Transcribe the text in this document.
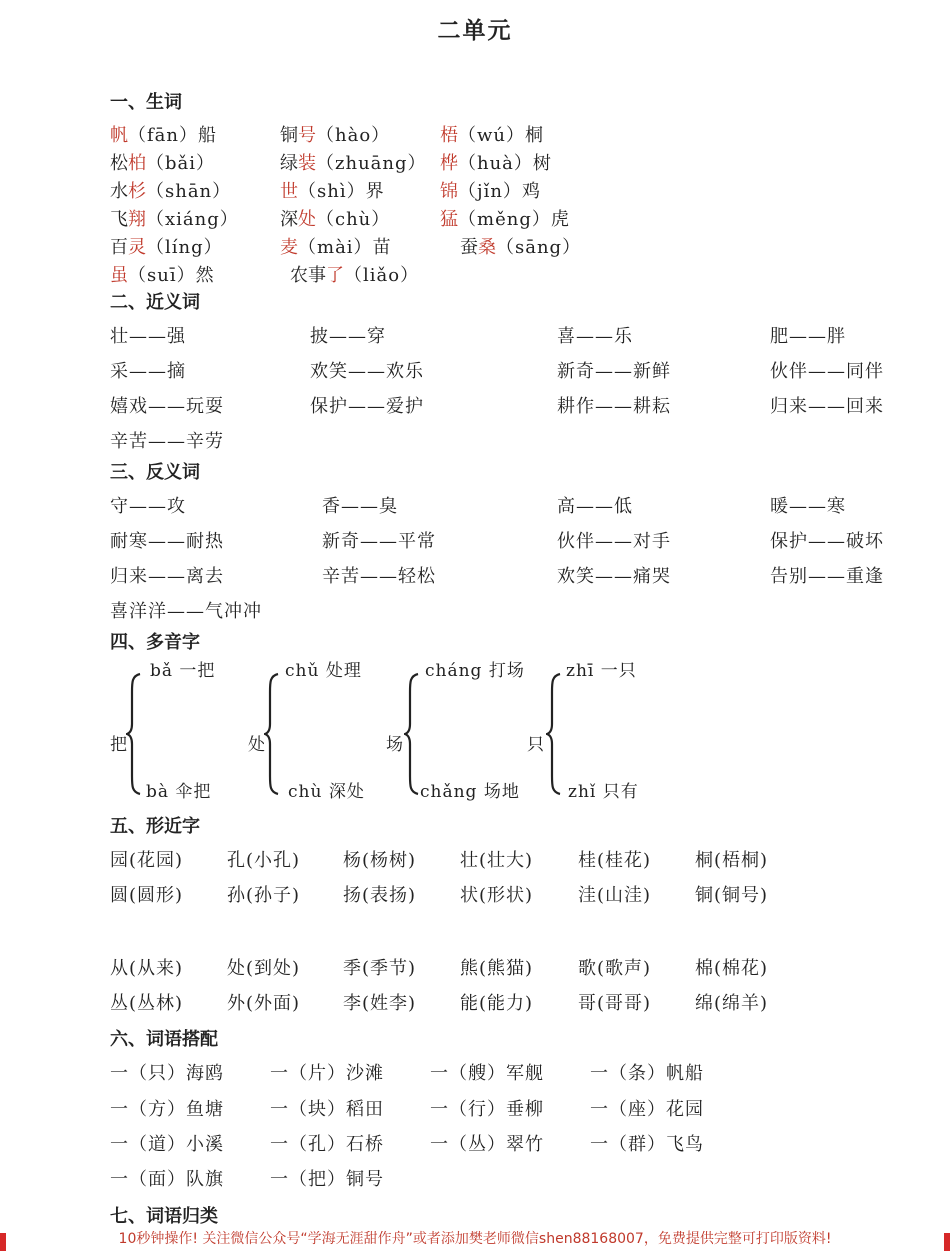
二单元
一、生词
帆（fān）船	铜号（hào）	梧（wú）桐
松柏（bǎi）	绿装（zhuāng） 桦（huà）树
水杉（shān）	世（shì）界	锦（jǐn）鸡
飞翔（xiáng） 深处（chù）	猛（měng）虎
百灵（líng）	麦（mài）苗	蚕桑（sāng）
虽（suī）然	农事了（liǎo）
二、近义词
壮——强	披——穿	喜——乐	肥——胖
采——摘	欢笑——欢乐	新奇——新鲜	伙伴——同伴
嬉戏——玩耍	保护——爱护	耕作——耕耘	归来——回来
辛苦——辛劳
三、反义词
守——攻	香——臭	高——低	暖——寒
耐寒——耐热	新奇——平常	伙伴——对手	保护——破坏
归来——离去	辛苦——轻松	欢笑——痛哭	告别——重逢
喜洋洋——气冲冲
四、多音字
把
bǎ 一把
bà 伞把
处
chǔ 处理
chù 深处
场
cháng 打场
chǎng 场地
只
zhī 一只
zhǐ 只有
五、形近字
园(花园) 孔(小孔) 杨(杨树) 壮(壮大) 桂(桂花) 桐(梧桐)
圆(圆形) 孙(孙子) 扬(表扬) 状(形状) 洼(山洼) 铜(铜号)
从(从来) 处(到处) 季(季节) 熊(熊猫) 歌(歌声) 棉(棉花)
丛(丛林) 外(外面) 李(姓李) 能(能力) 哥(哥哥) 绵(绵羊)
六、词语搭配
一（只）海鸥	一（片）沙滩	一（艘）军舰	一（条）帆船
一（方）鱼塘	一（块）稻田	一（行）垂柳	一（座）花园
一（道）小溪	一（孔）石桥	一（丛）翠竹	一（群）飞鸟
一（面）队旗	一（把）铜号
七、词语归类
10秒钟操作! 关注微信公众号“学海无涯甜作舟”或者添加樊老师微信shen88168007，免费提供完整可打印版资料!
